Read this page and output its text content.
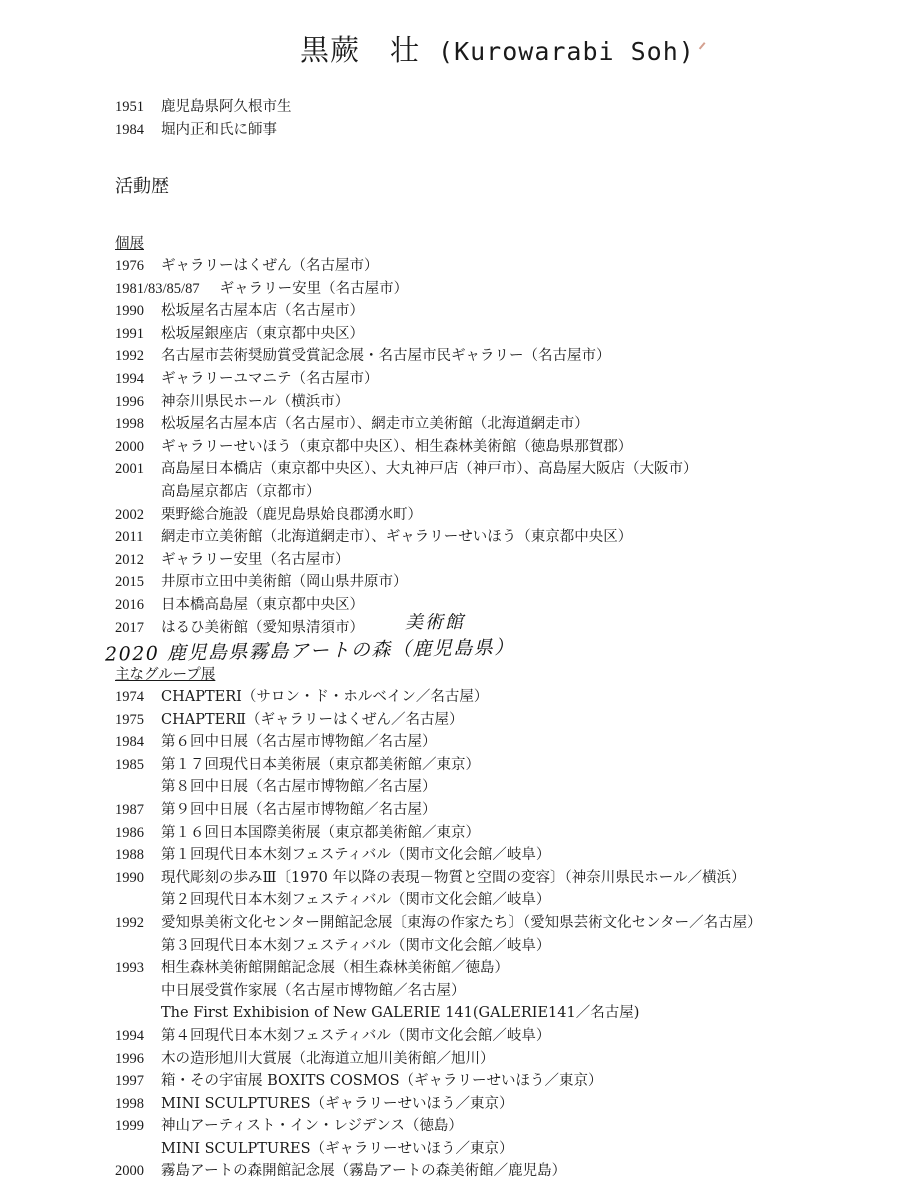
黒蕨　壮 (Kurowarabi Soh)
1951	鹿児島県阿久根市生
1984	堀内正和氏に師事
活動歴
個展
1976	ギャラリーはくぜん（名古屋市）
1981/83/85/87 ギャラリー安里（名古屋市）
1990	松坂屋名古屋本店（名古屋市）
1991	松坂屋銀座店（東京都中央区）
1992	名古屋市芸術奨励賞受賞記念展・名古屋市民ギャラリー（名古屋市）
1994	ギャラリーユマニテ（名古屋市）
1996	神奈川県民ホール（横浜市）
1998	松坂屋名古屋本店（名古屋市）、網走市立美術館（北海道網走市）
2000	ギャラリーせいほう（東京都中央区）、相生森林美術館（徳島県那賀郡）
2001	高島屋日本橋店（東京都中央区）、大丸神戸店（神戸市）、高島屋大阪店（大阪市）
高島屋京都店（京都市）
2002	栗野総合施設（鹿児島県姶良郡湧水町）
2011	網走市立美術館（北海道網走市）、ギャラリーせいほう（東京都中央区）
2012	ギャラリー安里（名古屋市）
2015	井原市立田中美術館（岡山県井原市）
2016	日本橋高島屋（東京都中央区）
2017	はるひ美術館（愛知県清須市） 美術館
2020 鹿児島県霧島アートの森（鹿児島県）
主なグループ展
1974	CHAPTERⅠ（サロン・ド・ホルベイン／名古屋）
1975	CHAPTERⅡ（ギャラリーはくぜん／名古屋）
1984	第６回中日展（名古屋市博物館／名古屋）
1985	第１７回現代日本美術展（東京都美術館／東京）
第８回中日展（名古屋市博物館／名古屋）
1987	第９回中日展（名古屋市博物館／名古屋）
1986	第１６回日本国際美術展（東京都美術館／東京）
1988	第１回現代日本木刻フェスティバル（関市文化会館／岐阜）
1990	現代彫刻の歩みⅢ〔1970 年以降の表現－物質と空間の変容〕（神奈川県民ホール／横浜）
第２回現代日本木刻フェスティバル（関市文化会館／岐阜）
1992	愛知県美術文化センター開館記念展〔東海の作家たち〕（愛知県芸術文化センター／名古屋）
第３回現代日本木刻フェスティバル（関市文化会館／岐阜）
1993	相生森林美術館開館記念展（相生森林美術館／徳島）
中日展受賞作家展（名古屋市博物館／名古屋）
The First Exhibision of New GALERIE 141(GALERIE141／名古屋)
1994	第４回現代日本木刻フェスティバル（関市文化会館／岐阜）
1996	木の造形旭川大賞展（北海道立旭川美術館／旭川）
1997	箱・その宇宙展 BOXITS COSMOS（ギャラリーせいほう／東京）
1998	MINI SCULPTURES（ギャラリーせいほう／東京）
1999	神山アーティスト・イン・レジデンス（徳島）
MINI SCULPTURES（ギャラリーせいほう／東京）
2000	霧島アートの森開館記念展（霧島アートの森美術館／鹿児島）
